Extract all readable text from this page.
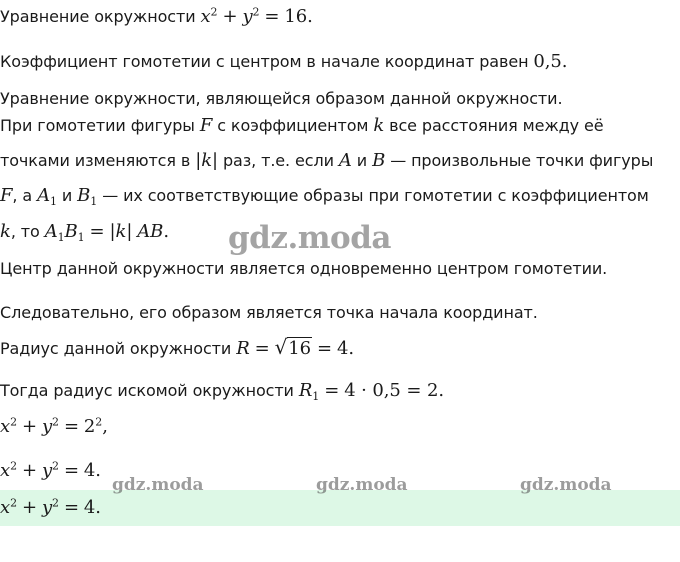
Уравнение окружности $x^2 + y^2 = 16$.
Коэффициент гомотетии с центром в начале координат равен 0,5.
Уравнение окружности, являющейся образом данной окружности.
При гомотетии фигуры F с коэффициентом k все расстояния между её
точками изменяются в |k| раз, т.е. если A и B — произвольные точки фигуры
F, а $A_1$ и $B_1$ — их соответствующие образы при гомотетии с коэффициентом
k, то $A_1B_1 = |k|$ AB.
Центр данной окружности является одновременно центром гомотетии.
Следовательно, его образом является точка начала координат.
Радиус данной окружности R = √16 = 4.
Тогда радиус искомой окружности $R_1 = 4 \cdot 0,5 = 2$.
$x^2 + y^2 = 2^2$,
$x^2 + y^2 = 4$.
gdz.moda
gdz.moda	gdz.moda	gdz.moda
$x^2 + y^2 = 4$.
